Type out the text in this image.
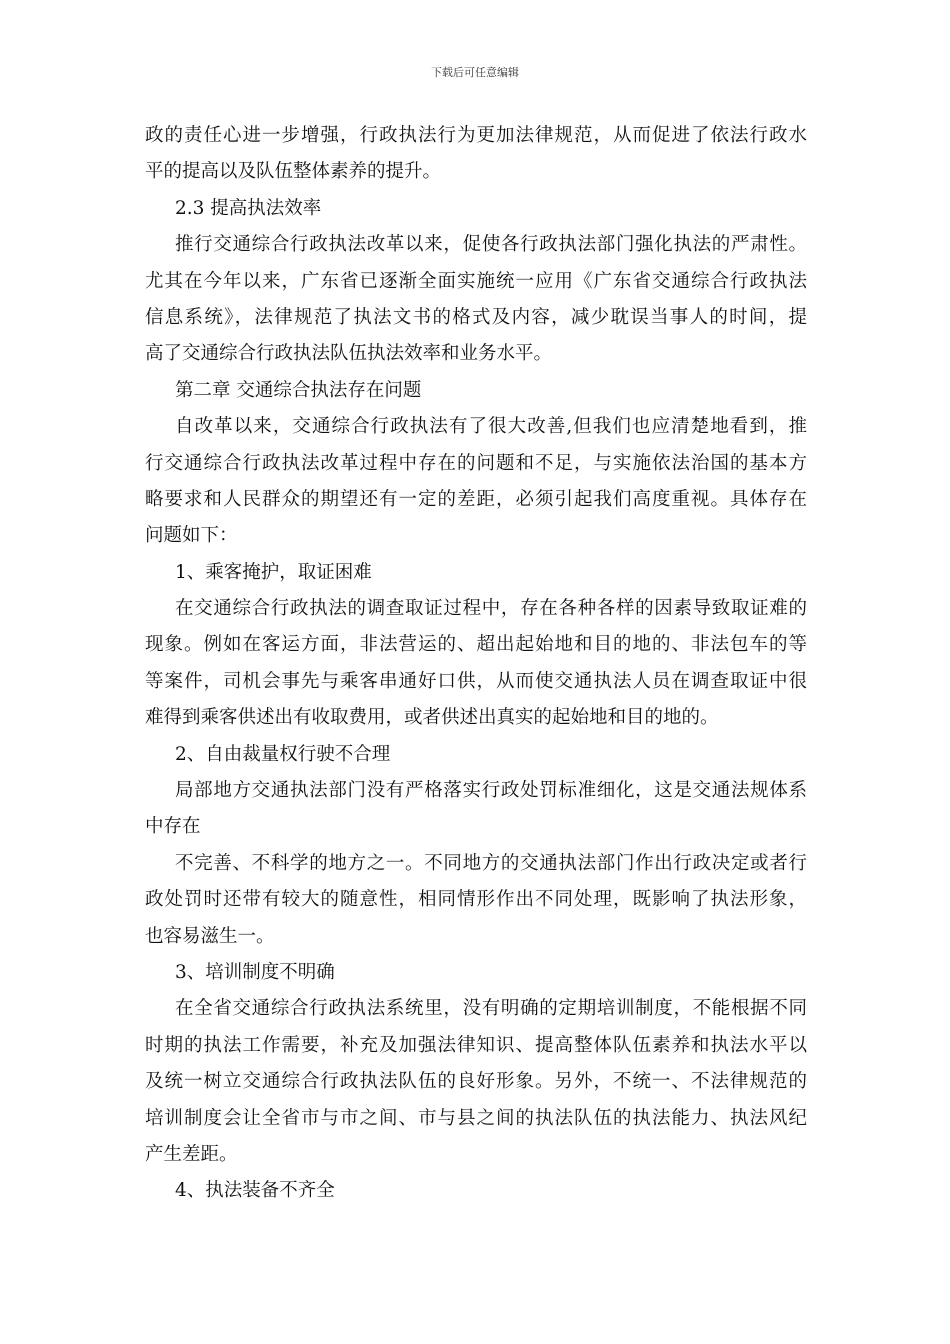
下载后可任意编辑
政的责任心进一步增强，行政执法行为更加法律规范，从而促进了依法行政水
平的提高以及队伍整体素养的提升。
2.3 提高执法效率
推行交通综合行政执法改革以来，促使各行政执法部门强化执法的严肃性。
尤其在今年以来，广东省已逐渐全面实施统一应用《广东省交通综合行政执法
信息系统》，法律规范了执法文书的格式及内容，减少耽误当事人的时间，提
高了交通综合行政执法队伍执法效率和业务水平。
第二章 交通综合执法存在问题
自改革以来，交通综合行政执法有了很大改善,但我们也应清楚地看到，推
行交通综合行政执法改革过程中存在的问题和不足，与实施依法治国的基本方
略要求和人民群众的期望还有一定的差距，必须引起我们高度重视。具体存在
问题如下：
1、乘客掩护，取证困难
在交通综合行政执法的调查取证过程中，存在各种各样的因素导致取证难的
现象。例如在客运方面，非法营运的、超出起始地和目的地的、非法包车的等
等案件，司机会事先与乘客串通好口供，从而使交通执法人员在调查取证中很
难得到乘客供述出有收取费用，或者供述出真实的起始地和目的地的。
2、自由裁量权行驶不合理
局部地方交通执法部门没有严格落实行政处罚标准细化，这是交通法规体系
中存在
不完善、不科学的地方之一。不同地方的交通执法部门作出行政决定或者行
政处罚时还带有较大的随意性，相同情形作出不同处理，既影响了执法形象，
也容易滋生一。
3、培训制度不明确
在全省交通综合行政执法系统里，没有明确的定期培训制度，不能根据不同
时期的执法工作需要，补充及加强法律知识、提高整体队伍素养和执法水平以
及统一树立交通综合行政执法队伍的良好形象。另外，不统一、不法律规范的
培训制度会让全省市与市之间、市与县之间的执法队伍的执法能力、执法风纪
产生差距。
4、执法装备不齐全
